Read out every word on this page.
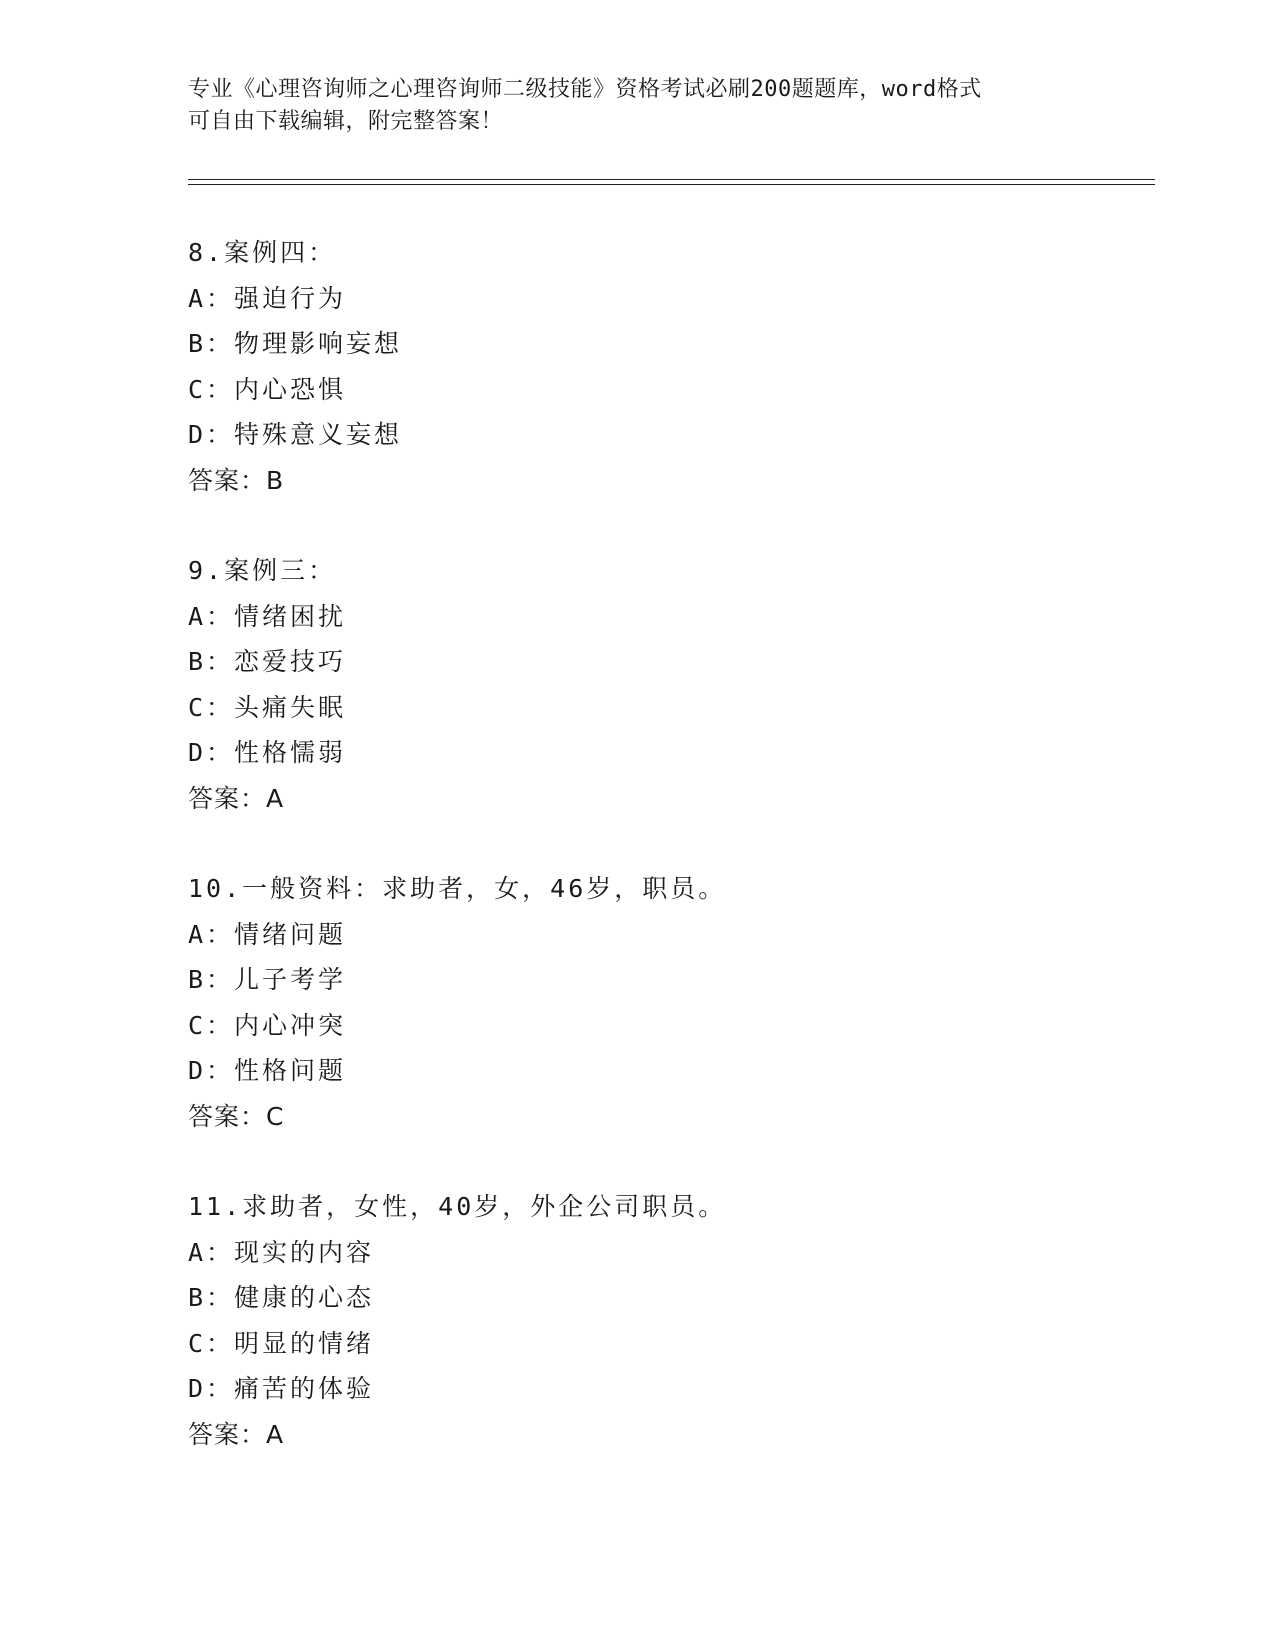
专业《心理咨询师之心理咨询师二级技能》资格考试必刷200题题库，word格式
可自由下载编辑，附完整答案！
8.案例四：
A：强迫行为
B：物理影响妄想
C：内心恐惧
D：特殊意义妄想
答案：B
9.案例三：
A：情绪困扰
B：恋爱技巧
C：头痛失眠
D：性格懦弱
答案：A
10.一般资料：求助者，女，46岁，职员。
A：情绪问题
B：儿子考学
C：内心冲突
D：性格问题
答案：C
11.求助者，女性，40岁，外企公司职员。
A：现实的内容
B：健康的心态
C：明显的情绪
D：痛苦的体验
答案：A
